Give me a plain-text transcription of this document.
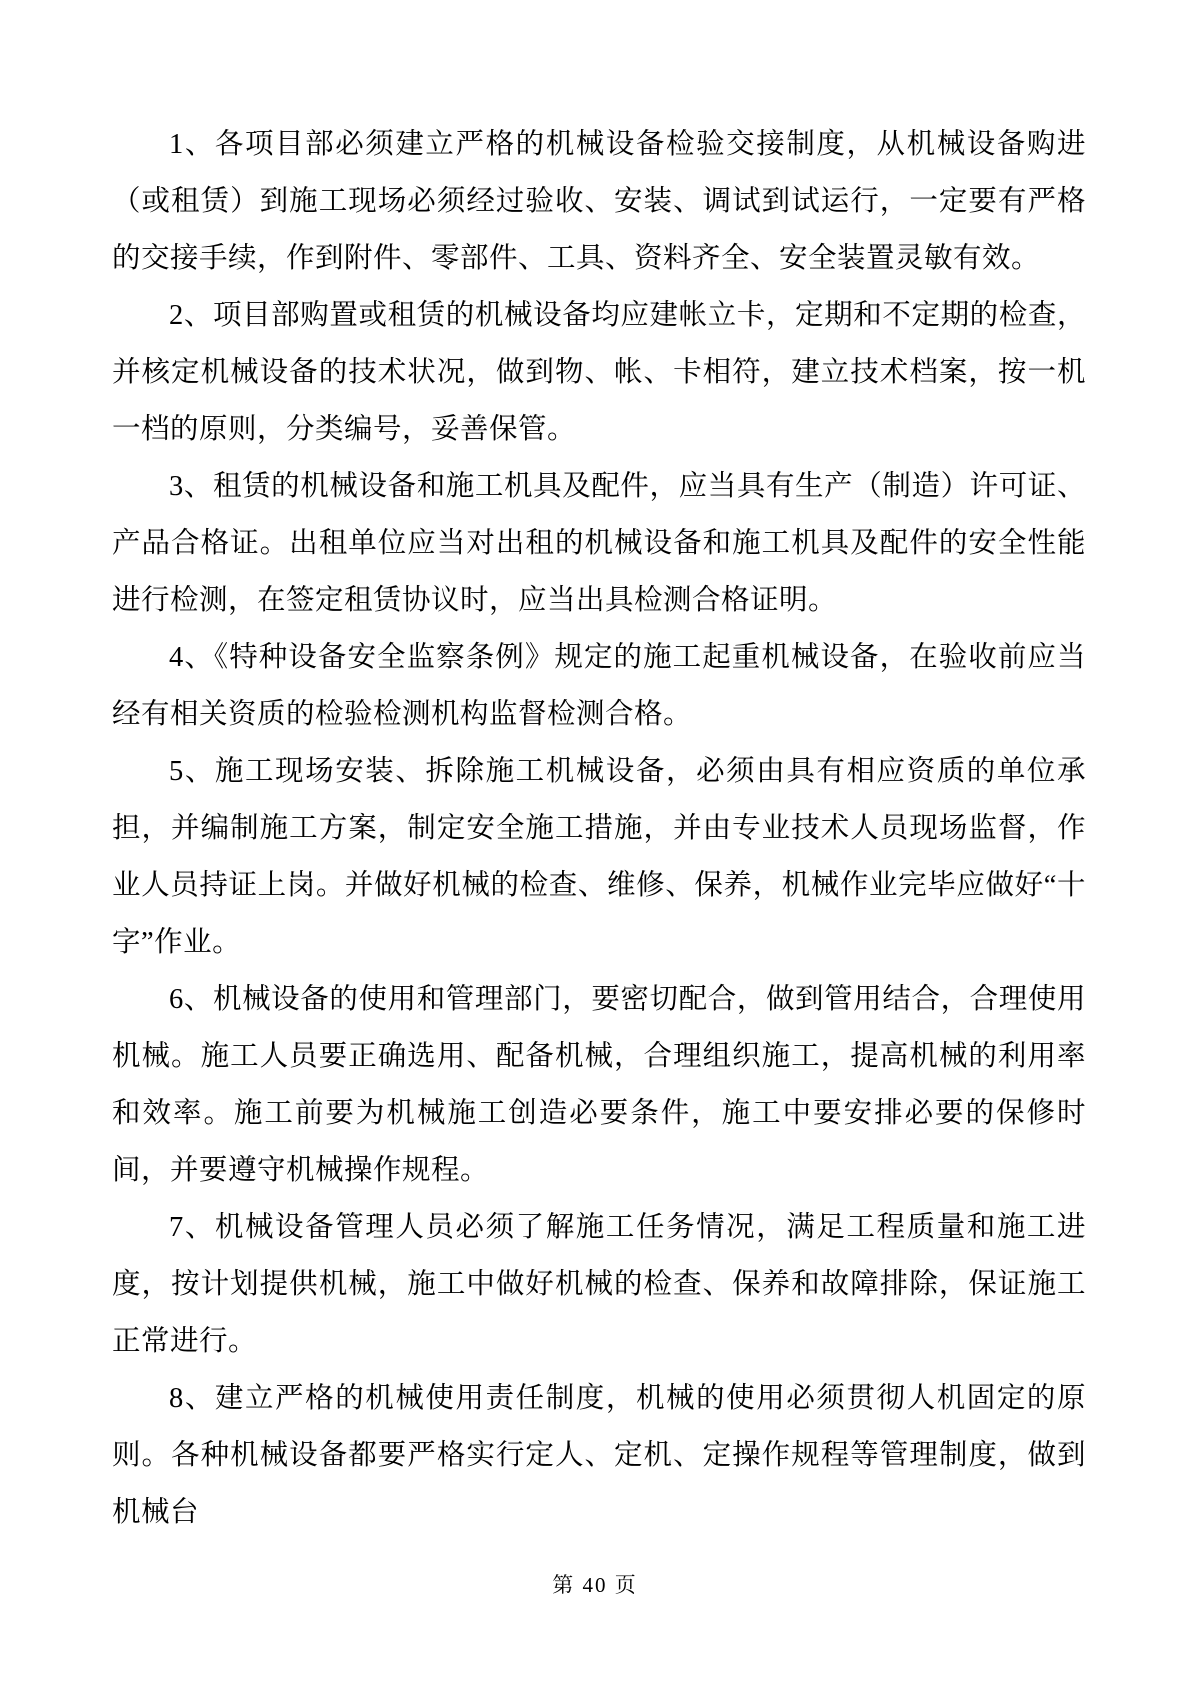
1、各项目部必须建立严格的机械设备检验交接制度，从机械设备购进（或租赁）到施工现场必须经过验收、安装、调试到试运行，一定要有严格的交接手续，作到附件、零部件、工具、资料齐全、安全装置灵敏有效。

2、项目部购置或租赁的机械设备均应建帐立卡，定期和不定期的检查，并核定机械设备的技术状况，做到物、帐、卡相符，建立技术档案，按一机一档的原则，分类编号，妥善保管。

3、租赁的机械设备和施工机具及配件，应当具有生产（制造）许可证、产品合格证。出租单位应当对出租的机械设备和施工机具及配件的安全性能进行检测，在签定租赁协议时，应当出具检测合格证明。

4、《特种设备安全监察条例》规定的施工起重机械设备，在验收前应当经有相关资质的检验检测机构监督检测合格。

5、施工现场安装、拆除施工机械设备，必须由具有相应资质的单位承担，并编制施工方案，制定安全施工措施，并由专业技术人员现场监督，作业人员持证上岗。并做好机械的检查、维修、保养，机械作业完毕应做好“十字”作业。

6、机械设备的使用和管理部门，要密切配合，做到管用结合，合理使用机械。施工人员要正确选用、配备机械，合理组织施工，提高机械的利用率和效率。施工前要为机械施工创造必要条件，施工中要安排必要的保修时间，并要遵守机械操作规程。

7、机械设备管理人员必须了解施工任务情况，满足工程质量和施工进度，按计划提供机械，施工中做好机械的检查、保养和故障排除，保证施工正常进行。

8、建立严格的机械使用责任制度，机械的使用必须贯彻人机固定的原则。各种机械设备都要严格实行定人、定机、定操作规程等管理制度，做到机械台

第 40 页
